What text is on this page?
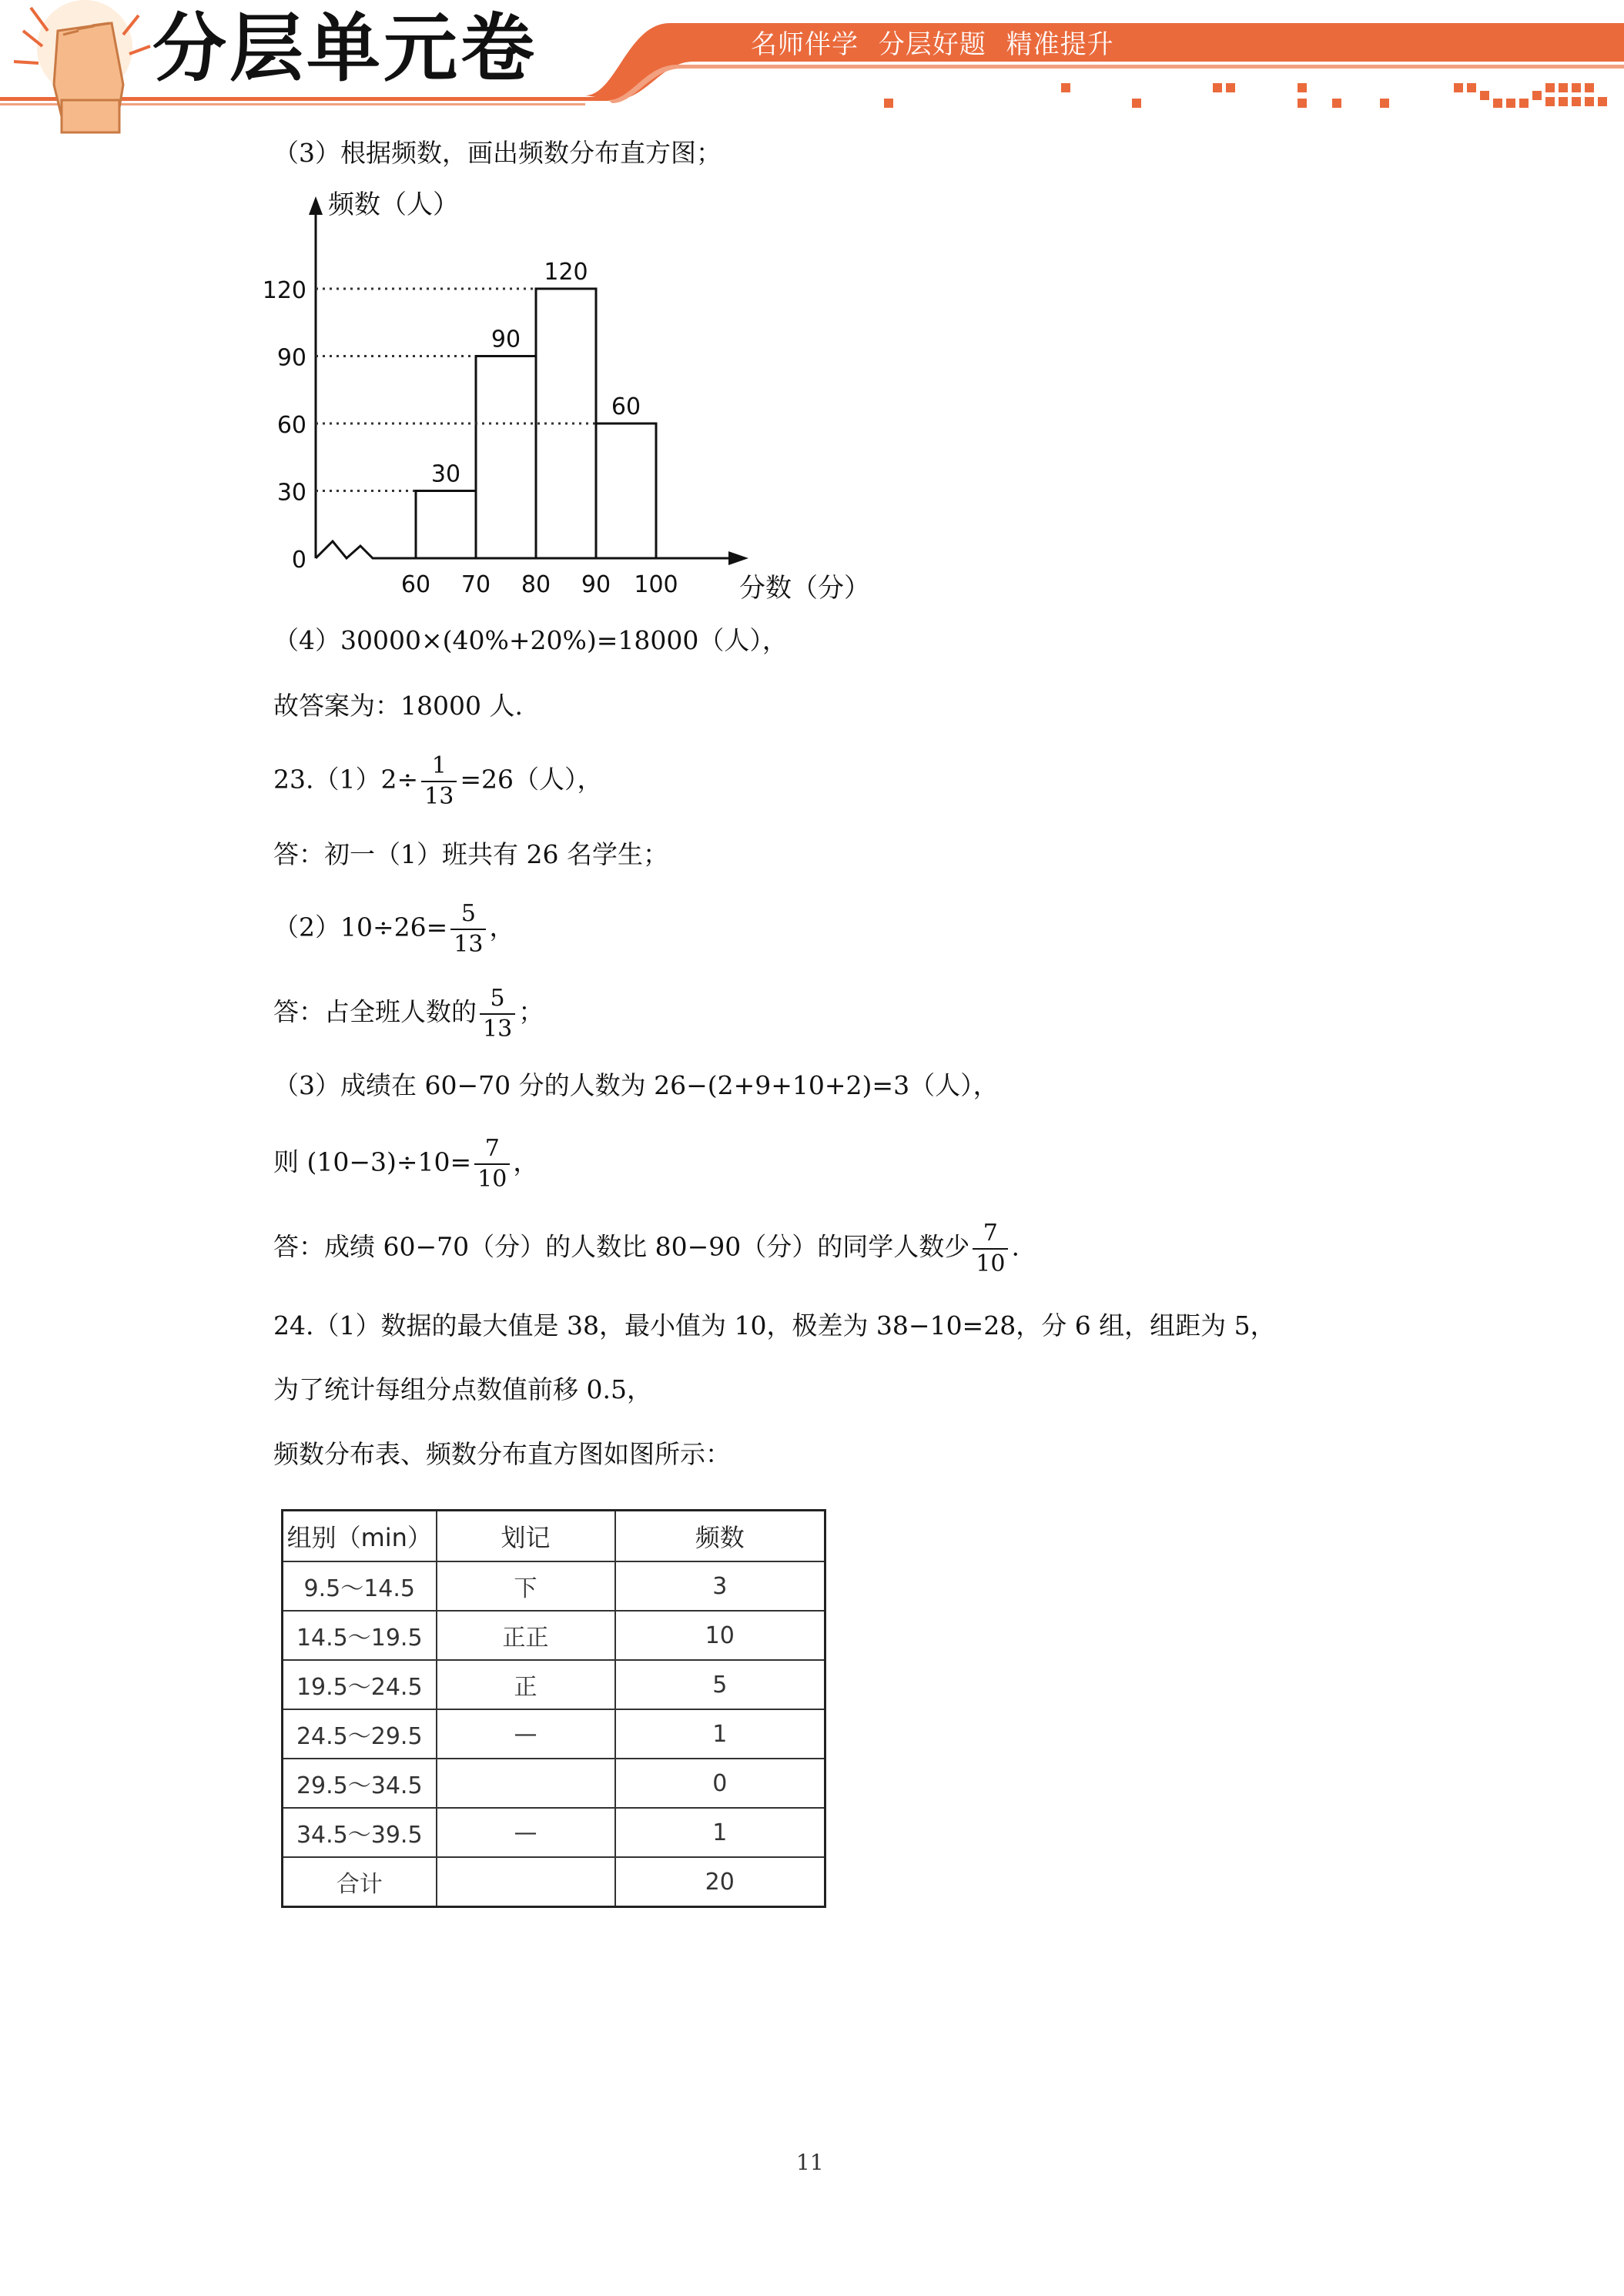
分层单元卷	名师伴学 分层好题 精准提升
（3）根据频数，画出频数分布直方图；
频数（人）
分数（分）
0
30
60
90
120
60 70 80 90 100
30
90
120
60
（4）30000×(40%+20%)=18000（人），
故答案为：18000 人.
$23.(1)2\div \frac{1}{13} =26$（人），
答：初一（1）班共有 26 名学生；
$(2)10\div 26= \frac{5}{13}$ ，
答：占全班人数的 $\frac{5}{13}$ ；
（3）成绩在 60−70 分的人数为 26−(2+9+10+2)=3（人），
则 $(10-3)\div 10= \frac{7}{10}$ ，
答：成绩 60−70（分）的人数比 80−90（分）的同学人数少 $\frac{7}{10}$ .
24.（1）数据的最大值是 38，最小值为 10，极差为 38−10=28，分 6 组，组距为 5，
为了统计每组分点数值前移 0.5，
频数分布表、频数分布直方图如图所示：
组别（min）	划记	频数
9.5～14.5	下	3
14.5～19.5	正正	10
19.5～24.5	正	5
24.5～29.5	—	1
29.5～34.5		0
34.5～39.5	—	1
合计		20
11
